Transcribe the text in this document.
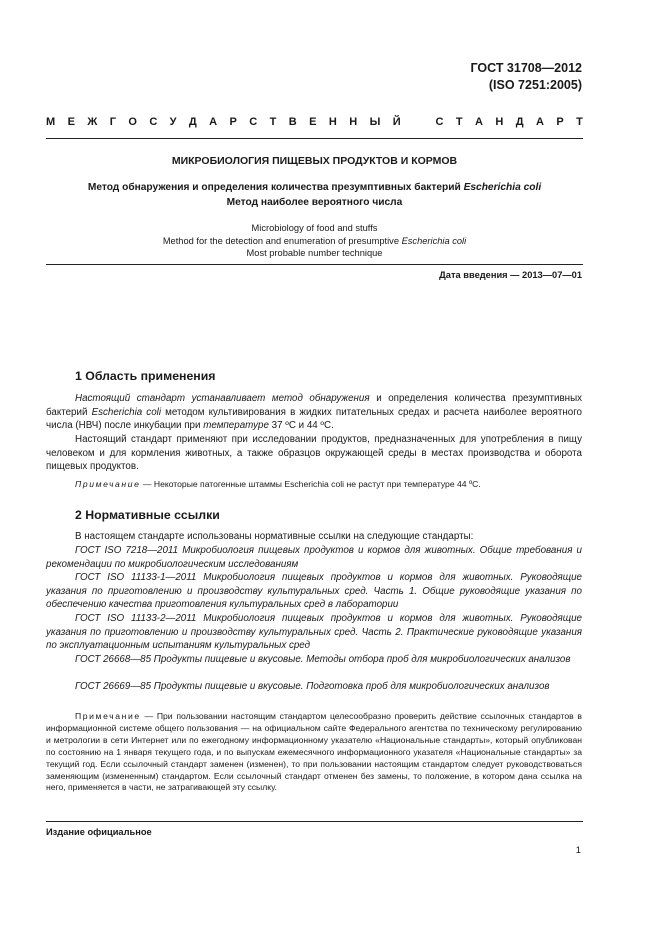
ГОСТ 31708—2012
(ISO 7251:2005)
М Е Ж Г О С У Д А Р С Т В Е Н Н Ы Й	С Т А Н Д А Р Т
МИКРОБИОЛОГИЯ ПИЩЕВЫХ ПРОДУКТОВ И КОРМОВ
Метод обнаружения и определения количества презумптивных бактерий Escherichia coli
Метод наиболее вероятного числа
Microbiology of food and stuffs
Method for the detection and enumeration of presumptive Escherichia coli
Most probable number technique
Дата введения — 2013—07—01
1 Область применения
Настоящий стандарт устанавливает метод обнаружения и определения количества презумптивных бактерий Escherichia coli методом культивирования в жидких питательных средах и расчета наиболее вероятного числа (НВЧ) после инкубации при температуре 37 ºС и 44 ºС.
Настоящий стандарт применяют при исследовании продуктов, предназначенных для употребления в пищу человеком и для кормления животных, а также образцов окружающей среды в местах производства и оборота пищевых продуктов.
Примечание — Некоторые патогенные штаммы Escherichia coli не растут при температуре 44 ºС.
2 Нормативные ссылки
В настоящем стандарте использованы нормативные ссылки на следующие стандарты:
ГОСТ ISO 7218—2011 Микробиология пищевых продуктов и кормов для животных. Общие требования и рекомендации по микробиологическим исследованиям
ГОСТ ISO 11133-1—2011 Микробиология пищевых продуктов и кормов для животных. Руководящие указания по приготовлению и производству культуральных сред. Часть 1. Общие руководящие указания по обеспечению качества приготовления культуральных сред в лаборатории
ГОСТ ISO 11133-2—2011 Микробиология пищевых продуктов и кормов для животных. Руководящие указания по приготовлению и производству культуральных сред. Часть 2. Практические руководящие указания по эксплуатационным испытаниям культуральных сред
ГОСТ 26668—85 Продукты пищевые и вкусовые. Методы отбора проб для микробиологических анализов
ГОСТ 26669—85 Продукты пищевые и вкусовые. Подготовка проб для микробиологических анализов
Примечание — При пользовании настоящим стандартом целесообразно проверить действие ссылочных стандартов в информационной системе общего пользования — на официальном сайте Федерального агентства по техническому регулированию и метрологии в сети Интернет или по ежегодному информационному указателю «Национальные стандарты», который опубликован по состоянию на 1 января текущего года, и по выпускам ежемесячного информационного указателя «Национальные стандарты» за текущий год. Если ссылочный стандарт заменен (изменен), то при пользовании настоящим стандартом следует руководствоваться заменяющим (измененным) стандартом. Если ссылочный стандарт отменен без замены, то положение, в котором дана ссылка на него, применяется в части, не затрагивающей эту ссылку.
Издание официальное
1
